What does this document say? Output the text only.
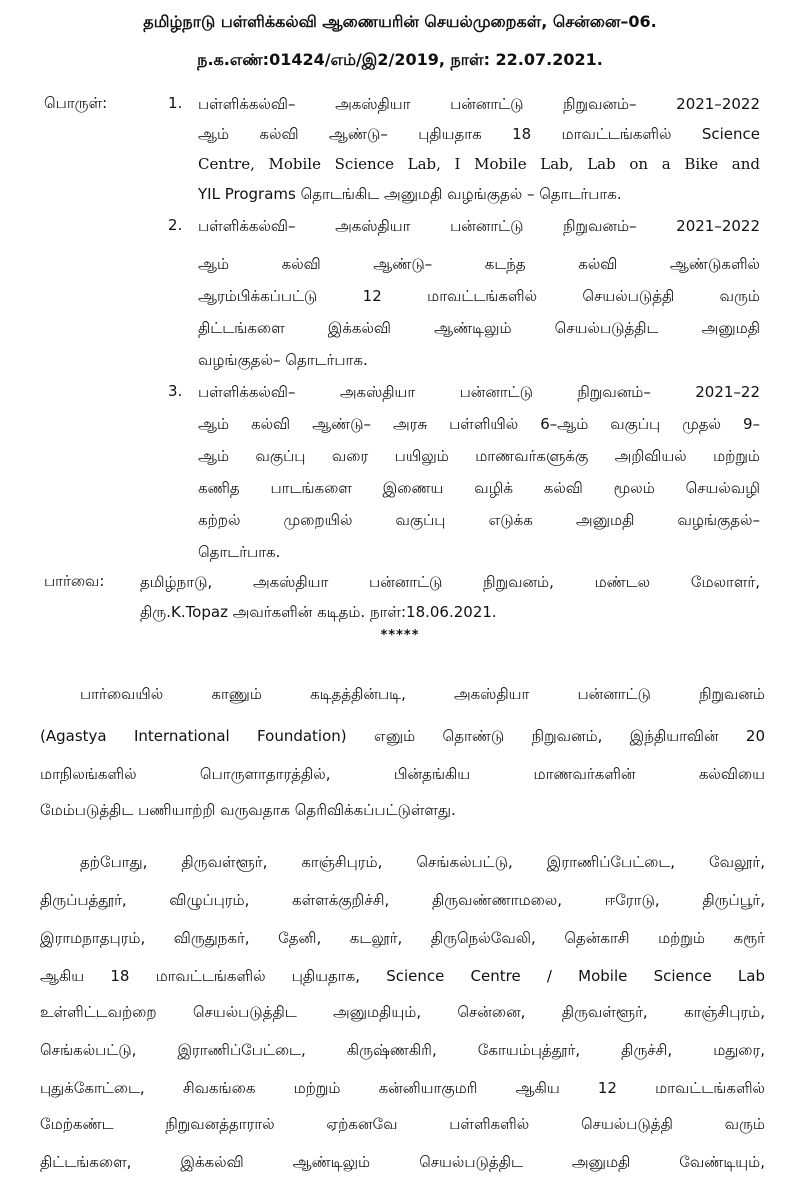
தமிழ்நாடு பள்ளிக்கல்வி ஆணையரின் செயல்முறைகள், சென்னை–06.
ந.க.எண்:01424/எம்/இ2/2019, நாள்: 22.07.2021.
பொருள்:	1. பள்ளிக்கல்வி– அகஸ்தியா பன்னாட்டு நிறுவனம்– 2021–2022
ஆம் கல்வி ஆண்டு– புதியதாக 18 மாவட்டங்களில் Science
Centre, Mobile Science Lab, I Mobile Lab, Lab on a Bike and
YIL Programs தொடங்கிட அனுமதி வழங்குதல் – தொடர்பாக.
2. பள்ளிக்கல்வி– அகஸ்தியா பன்னாட்டு நிறுவனம்– 2021–2022
ஆம் கல்வி ஆண்டு– கடந்த கல்வி ஆண்டுகளில்
ஆரம்பிக்கப்பட்டு 12 மாவட்டங்களில் செயல்படுத்தி வரும்
திட்டங்களை இக்கல்வி ஆண்டிலும் செயல்படுத்திட அனுமதி
வழங்குதல்– தொடர்பாக.
3. பள்ளிக்கல்வி– அகஸ்தியா பன்னாட்டு நிறுவனம்– 2021–22
ஆம் கல்வி ஆண்டு– அரசு பள்ளியில் 6–ஆம் வகுப்பு முதல் 9–
ஆம் வகுப்பு வரை பயிலும் மாணவர்களுக்கு அறிவியல் மற்றும்
கணித பாடங்களை இணைய வழிக் கல்வி மூலம் செயல்வழி
கற்றல் முறையில் வகுப்பு எடுக்க அனுமதி வழங்குதல்–
தொடர்பாக.
பார்வை: தமிழ்நாடு, அகஸ்தியா பன்னாட்டு நிறுவனம், மண்டல மேலாளர்,
திரு.K.Topaz அவர்களின் கடிதம். நாள்:18.06.2021.
*****
பார்வையில் காணும் கடிதத்தின்படி, அகஸ்தியா பன்னாட்டு நிறுவனம்
(Agastya International Foundation) எனும் தொண்டு நிறுவனம், இந்தியாவின் 20
மாநிலங்களில் பொருளாதாரத்தில், பின்தங்கிய மாணவர்களின் கல்வியை
மேம்படுத்திட பணியாற்றி வருவதாக தெரிவிக்கப்பட்டுள்ளது.
தற்போது, திருவள்ளூர், காஞ்சிபுரம், செங்கல்பட்டு, இராணிப்பேட்டை, வேலூர்,
திருப்பத்தூர், விழுப்புரம், கள்ளக்குறிச்சி, திருவண்ணாமலை, ஈரோடு, திருப்பூர்,
இராமநாதபுரம், விருதுநகர், தேனி, கடலூர், திருநெல்வேலி, தென்காசி மற்றும் கரூர்
ஆகிய 18 மாவட்டங்களில் புதியதாக, Science Centre / Mobile Science Lab
உள்ளிட்டவற்றை செயல்படுத்திட அனுமதியும், சென்னை, திருவள்ளூர், காஞ்சிபுரம்,
செங்கல்பட்டு, இராணிப்பேட்டை, கிருஷ்ணகிரி, கோயம்புத்தூர், திருச்சி, மதுரை,
புதுக்கோட்டை, சிவகங்கை மற்றும் கன்னியாகுமரி ஆகிய 12 மாவட்டங்களில்
மேற்கண்ட நிறுவனத்தாரால் ஏற்கனவே பள்ளிகளில் செயல்படுத்தி வரும்
திட்டங்களை, இக்கல்வி ஆண்டிலும் செயல்படுத்திட அனுமதி வேண்டியும்,
